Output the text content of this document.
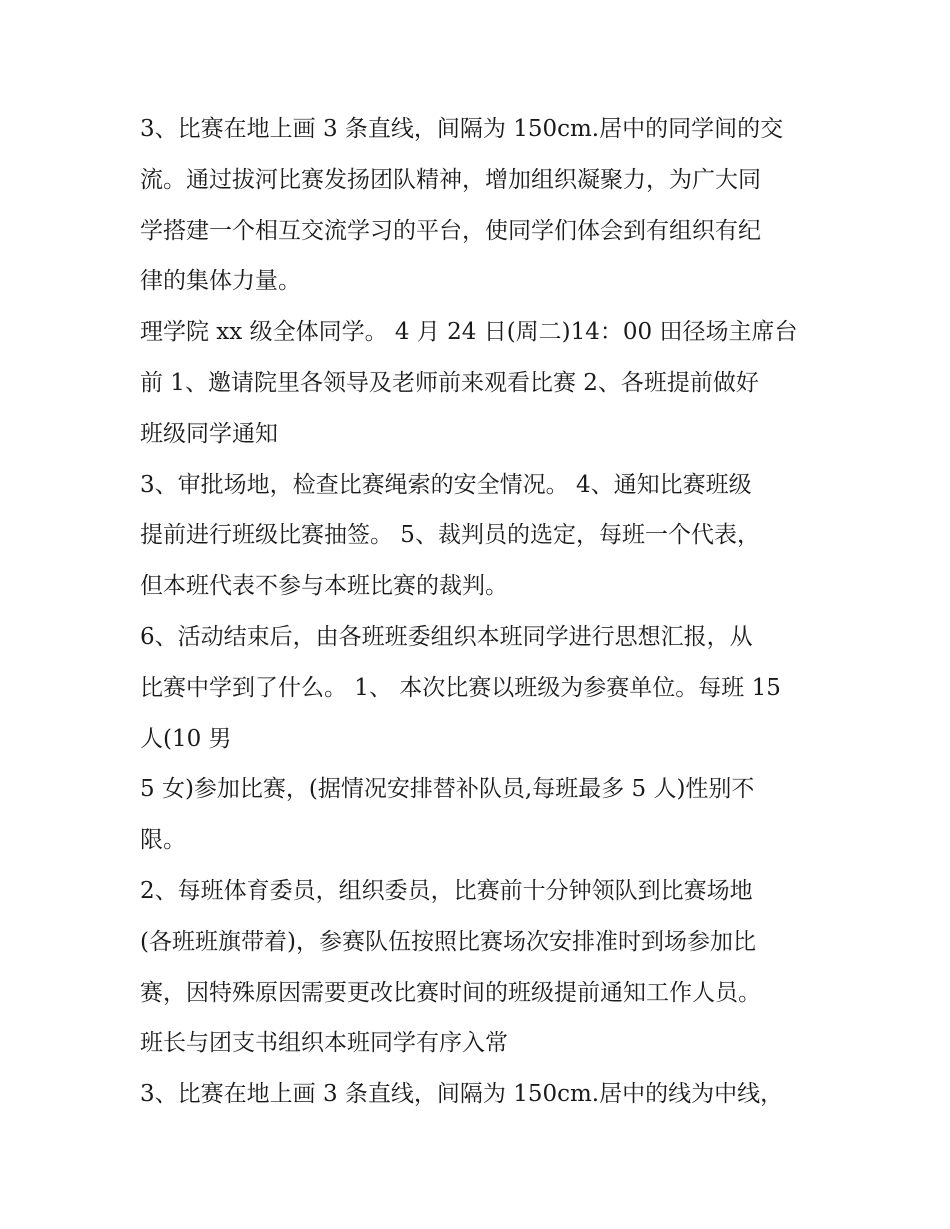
3、比赛在地上画 3 条直线，间隔为 150cm.居中的同学间的交
流。通过拔河比赛发扬团队精神，增加组织凝聚力，为广大同
学搭建一个相互交流学习的平台，使同学们体会到有组织有纪
律的集体力量。
理学院 xx 级全体同学。 4 月 24 日(周二)14：00 田径场主席台
前 1、邀请院里各领导及老师前来观看比赛 2、各班提前做好
班级同学通知
3、审批场地，检查比赛绳索的安全情况。 4、通知比赛班级
提前进行班级比赛抽签。 5、裁判员的选定，每班一个代表，
但本班代表不参与本班比赛的裁判。
6、活动结束后，由各班班委组织本班同学进行思想汇报，从
比赛中学到了什么。 1、 本次比赛以班级为参赛单位。每班 15
人(10 男
5 女)参加比赛，(据情况安排替补队员,每班最多 5 人)性别不
限。
2、每班体育委员，组织委员，比赛前十分钟领队到比赛场地
(各班班旗带着)，参赛队伍按照比赛场次安排准时到场参加比
赛，因特殊原因需要更改比赛时间的班级提前通知工作人员。
班长与团支书组织本班同学有序入常
3、比赛在地上画 3 条直线，间隔为 150cm.居中的线为中线，
